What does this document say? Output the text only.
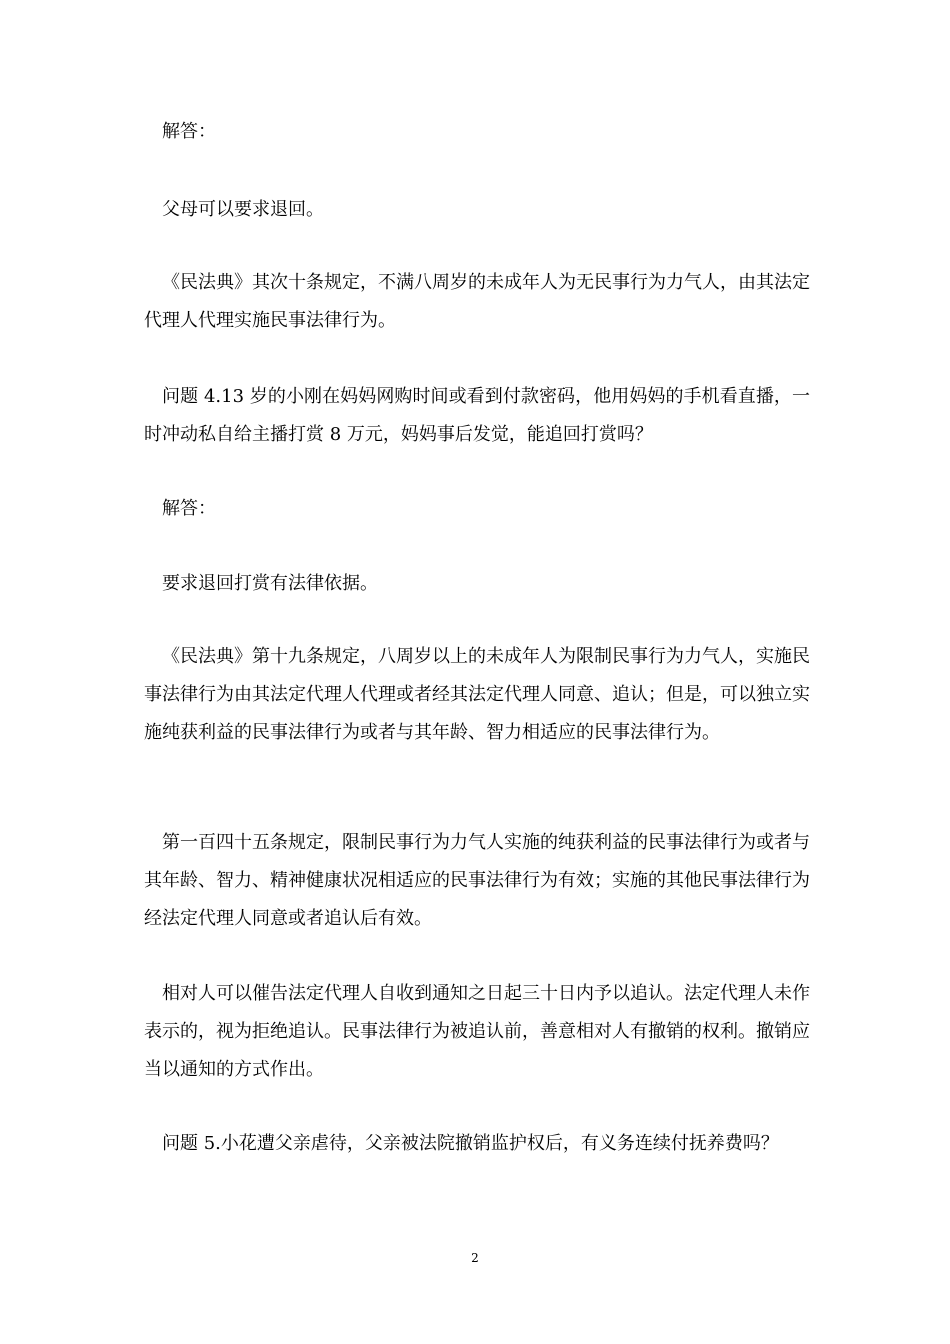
解答：

父母可以要求退回。

《民法典》其次十条规定，不满八周岁的未成年人为无民事行为力气人，由其法定代理人代理实施民事法律行为。

问题 4.13 岁的小刚在妈妈网购时间或看到付款密码，他用妈妈的手机看直播，一时冲动私自给主播打赏 8 万元，妈妈事后发觉，能追回打赏吗？

解答：

要求退回打赏有法律依据。

《民法典》第十九条规定，八周岁以上的未成年人为限制民事行为力气人，实施民事法律行为由其法定代理人代理或者经其法定代理人同意、追认；但是，可以独立实施纯获利益的民事法律行为或者与其年龄、智力相适应的民事法律行为。

第一百四十五条规定，限制民事行为力气人实施的纯获利益的民事法律行为或者与其年龄、智力、精神健康状况相适应的民事法律行为有效；实施的其他民事法律行为经法定代理人同意或者追认后有效。

相对人可以催告法定代理人自收到通知之日起三十日内予以追认。法定代理人未作表示的，视为拒绝追认。民事法律行为被追认前，善意相对人有撤销的权利。撤销应当以通知的方式作出。

问题 5.小花遭父亲虐待，父亲被法院撤销监护权后，有义务连续付抚养费吗？

2
